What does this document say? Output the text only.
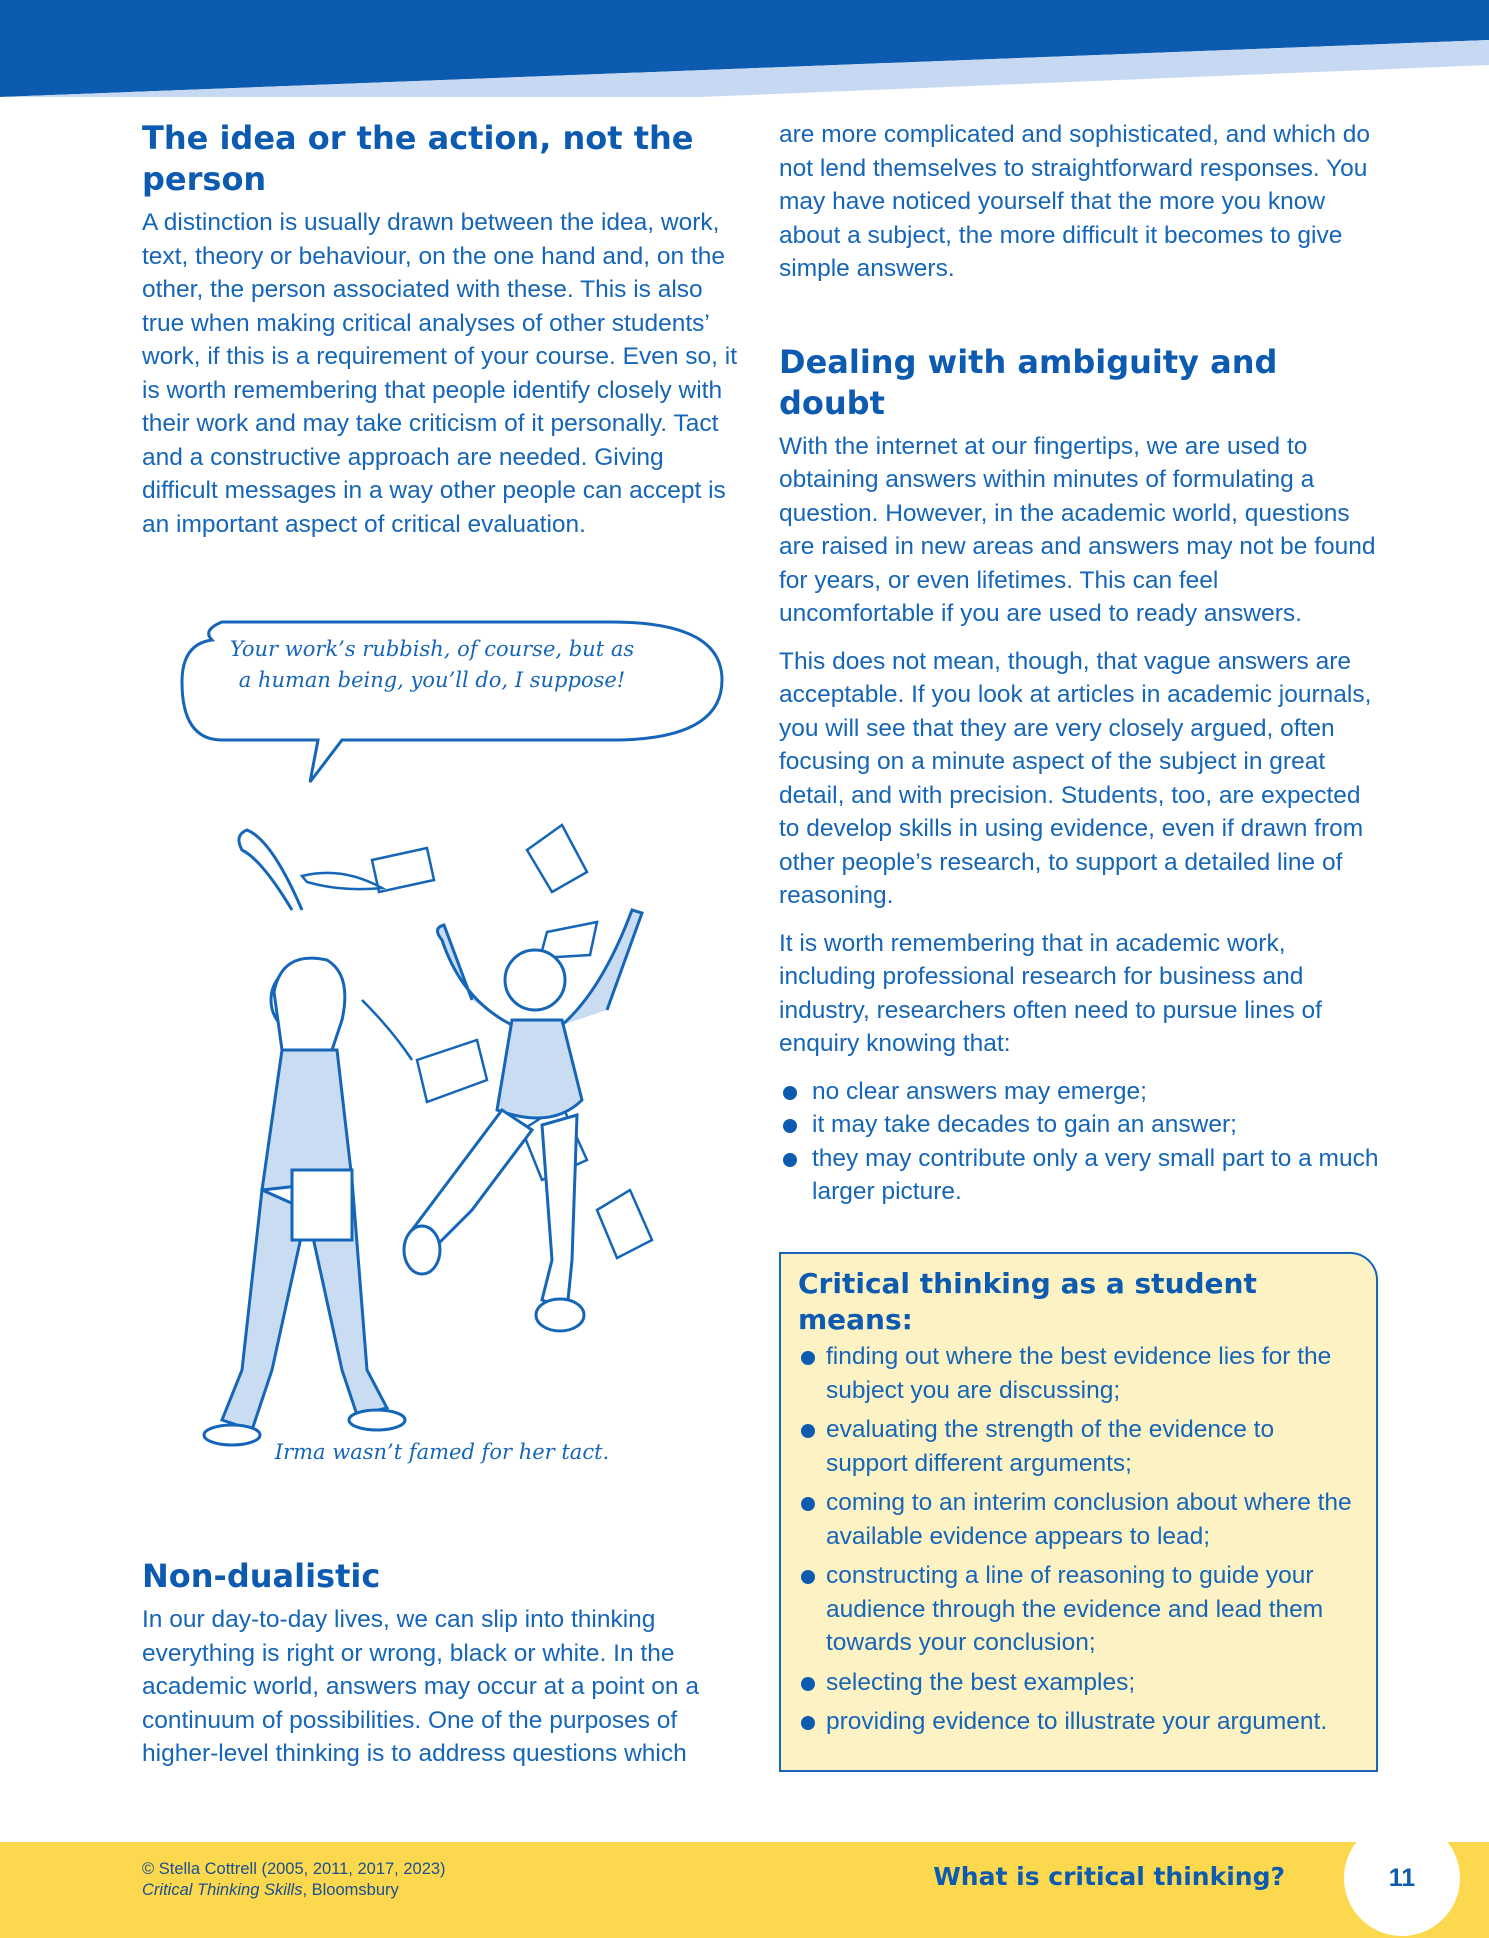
The idea or the action, not the person

A distinction is usually drawn between the idea, work, text, theory or behaviour, on the one hand and, on the other, the person associated with these. This is also true when making critical analyses of other students’ work, if this is a requirement of your course. Even so, it is worth remembering that people identify closely with their work and may take criticism of it personally. Tact and a constructive approach are needed. Giving difficult messages in a way other people can accept is an important aspect of critical evaluation.

Your work’s rubbish, of course, but as a human being, you’ll do, I suppose!
Irma wasn’t famed for her tact.
Non-dualistic

In our day-to-day lives, we can slip into thinking everything is right or wrong, black or white. In the academic world, answers may occur at a point on a continuum of possibilities. One of the purposes of higher-level thinking is to address questions which

are more complicated and sophisticated, and which do not lend themselves to straightforward responses. You may have noticed yourself that the more you know about a subject, the more difficult it becomes to give simple answers.

Dealing with ambiguity and doubt

With the internet at our fingertips, we are used to obtaining answers within minutes of formulating a question. However, in the academic world, questions are raised in new areas and answers may not be found for years, or even lifetimes. This can feel uncomfortable if you are used to ready answers.

This does not mean, though, that vague answers are acceptable. If you look at articles in academic journals, you will see that they are very closely argued, often focusing on a minute aspect of the subject in great detail, and with precision. Students, too, are expected to develop skills in using evidence, even if drawn from other people’s research, to support a detailed line of reasoning.

It is worth remembering that in academic work, including professional research for business and industry, researchers often need to pursue lines of enquiry knowing that:

no clear answers may emerge;
it may take decades to gain an answer;
they may contribute only a very small part to a much larger picture.
Critical thinking as a student means:
finding out where the best evidence lies for the subject you are discussing;
evaluating the strength of the evidence to support different arguments;
coming to an interim conclusion about where the available evidence appears to lead;
constructing a line of reasoning to guide your audience through the evidence and lead them towards your conclusion;
selecting the best examples;
providing evidence to illustrate your argument.
© Stella Cottrell (2005, 2011, 2017, 2023)
Critical Thinking Skills, Bloomsbury	What is critical thinking?	11
